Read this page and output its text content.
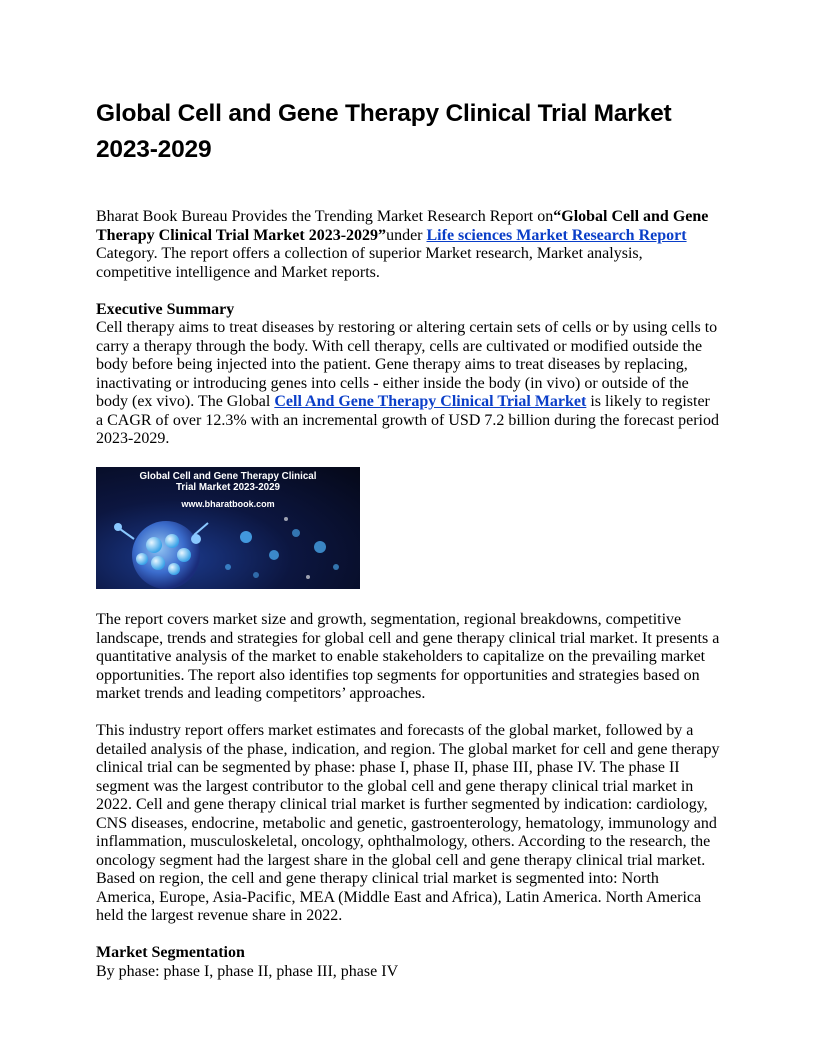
Global Cell and Gene Therapy Clinical Trial Market 2023-2029

Bharat Book Bureau Provides the Trending Market Research Report on“Global Cell and Gene Therapy Clinical Trial Market 2023-2029”under Life sciences Market Research Report Category. The report offers a collection of superior Market research, Market analysis, competitive intelligence and Market reports.

Executive Summary

Cell therapy aims to treat diseases by restoring or altering certain sets of cells or by using cells to carry a therapy through the body. With cell therapy, cells are cultivated or modified outside the body before being injected into the patient. Gene therapy aims to treat diseases by replacing, inactivating or introducing genes into cells - either inside the body (in vivo) or outside of the body (ex vivo). The Global Cell And Gene Therapy Clinical Trial Market is likely to register a CAGR of over 12.3% with an incremental growth of USD 7.2 billion during the forecast period 2023-2029.

Global Cell and Gene Therapy Clinical
Trial Market 2023-2029
www.bharatbook.com

The report covers market size and growth, segmentation, regional breakdowns, competitive landscape, trends and strategies for global cell and gene therapy clinical trial market. It presents a quantitative analysis of the market to enable stakeholders to capitalize on the prevailing market opportunities. The report also identifies top segments for opportunities and strategies based on market trends and leading competitors’ approaches.

This industry report offers market estimates and forecasts of the global market, followed by a detailed analysis of the phase, indication, and region. The global market for cell and gene therapy clinical trial can be segmented by phase: phase I, phase II, phase III, phase IV. The phase II segment was the largest contributor to the global cell and gene therapy clinical trial market in 2022. Cell and gene therapy clinical trial market is further segmented by indication: cardiology, CNS diseases, endocrine, metabolic and genetic, gastroenterology, hematology, immunology and inflammation, musculoskeletal, oncology, ophthalmology, others. According to the research, the oncology segment had the largest share in the global cell and gene therapy clinical trial market. Based on region, the cell and gene therapy clinical trial market is segmented into: North America, Europe, Asia-Pacific, MEA (Middle East and Africa), Latin America. North America held the largest revenue share in 2022.

Market Segmentation

By phase: phase I, phase II, phase III, phase IV
